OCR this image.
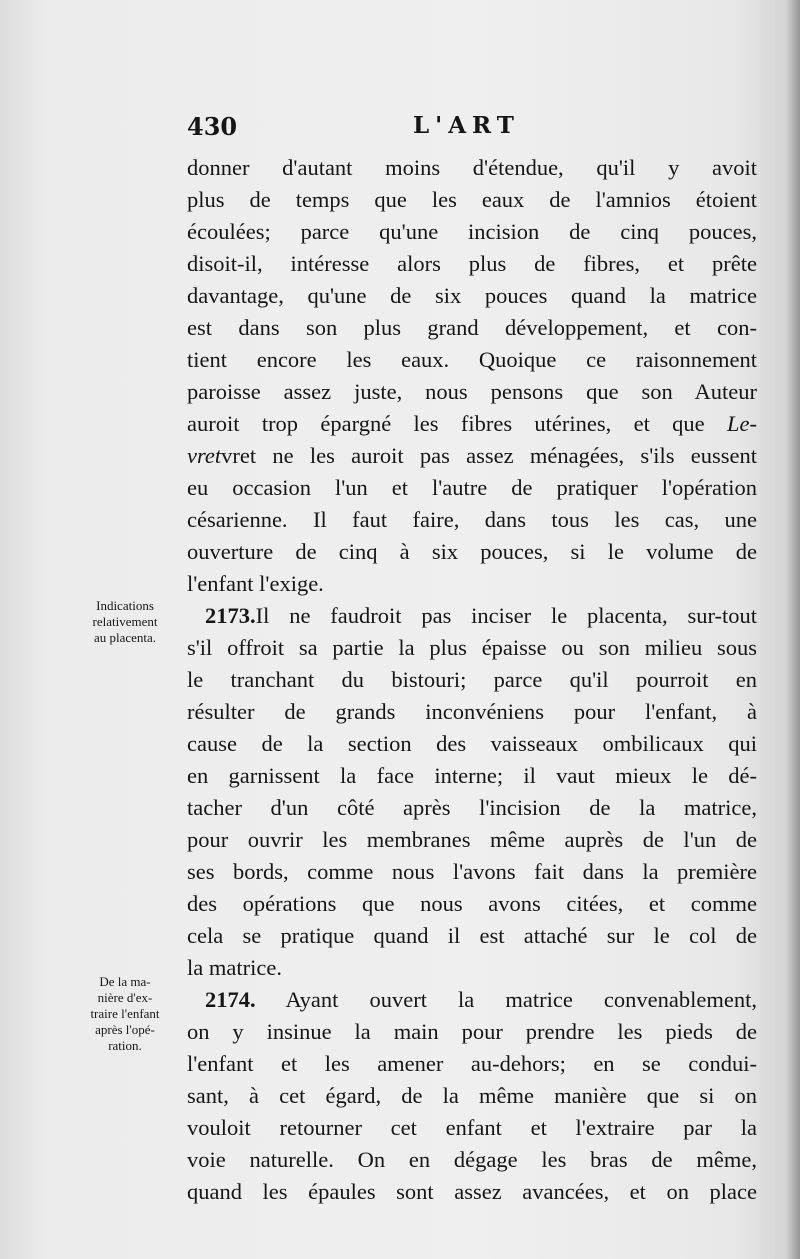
430	L'ART
Indications
relativement
au placenta.
De la ma-
nière d'ex-
traire l'enfant
après l'opé-
ration.
donner d'autant moins d'étendue, qu'il y avoit
plus de temps que les eaux de l'amnios étoient
écoulées; parce qu'une incision de cinq pouces,
disoit-il, intéresse alors plus de fibres, et prête
davantage, qu'une de six pouces quand la matrice
est dans son plus grand développement, et con-
tient encore les eaux. Quoique ce raisonnement
paroisse assez juste, nous pensons que son Auteur
auroit trop épargné les fibres utérines, et que Le-
vretvret ne les auroit pas assez ménagées, s'ils eussent
eu occasion l'un et l'autre de pratiquer l'opération
césarienne. Il faut faire, dans tous les cas, une
ouverture de cinq à six pouces, si le volume de
l'enfant l'exige.
2173.Il ne faudroit pas inciser le placenta, sur-tout
s'il offroit sa partie la plus épaisse ou son milieu sous
le tranchant du bistouri; parce qu'il pourroit en
résulter de grands inconvéniens pour l'enfant, à
cause de la section des vaisseaux ombilicaux qui
en garnissent la face interne; il vaut mieux le dé-
tacher d'un côté après l'incision de la matrice,
pour ouvrir les membranes même auprès de l'un de
ses bords, comme nous l'avons fait dans la première
des opérations que nous avons citées, et comme
cela se pratique quand il est attaché sur le col de
la matrice.
2174. Ayant ouvert la matrice convenablement,
on y insinue la main pour prendre les pieds de
l'enfant et les amener au-dehors; en se condui-
sant, à cet égard, de la même manière que si on
vouloit retourner cet enfant et l'extraire par la
voie naturelle. On en dégage les bras de même,
quand les épaules sont assez avancées, et on place
